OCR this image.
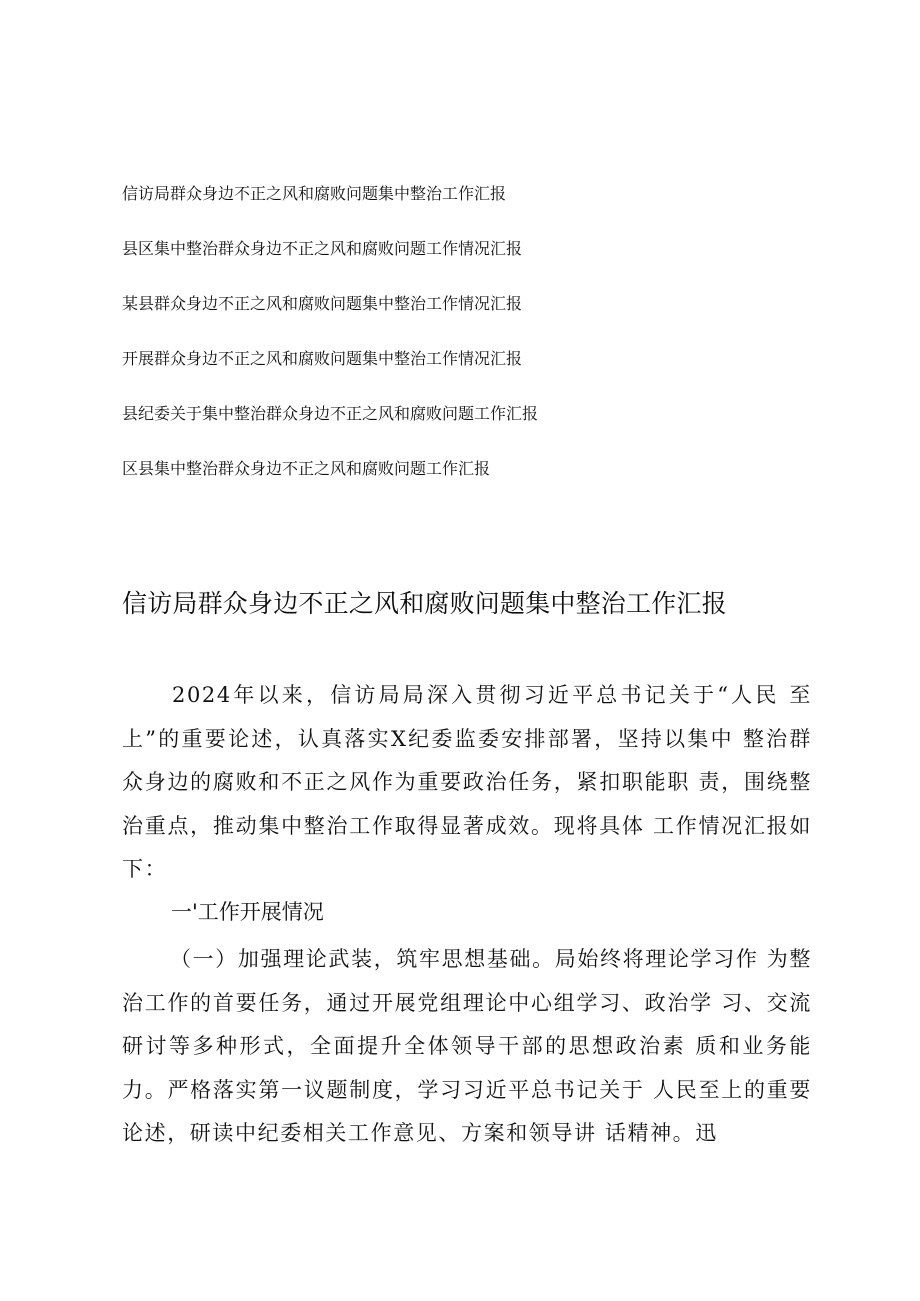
信访局群众身边不正之风和腐败问题集中整治工作汇报
县区集中整治群众身边不正之风和腐败问题工作情况汇报
某县群众身边不正之风和腐败问题集中整治工作情况汇报
开展群众身边不正之风和腐败问题集中整治工作情况汇报
县纪委关于集中整治群众身边不正之风和腐败问题工作汇报
区县集中整治群众身边不正之风和腐败问题工作汇报
信访局群众身边不正之风和腐败问题集中整治工作汇报
2024年以来，信访局局深入贯彻习近平总书记关于“人民 至上”的重要论述，认真落实X纪委监委安排部署，坚持以集中 整治群众身边的腐败和不正之风作为重要政治任务，紧扣职能职 责，围绕整治重点，推动集中整治工作取得显著成效。现将具体 工作情况汇报如下：
一'工作开展情况
（一）加强理论武装，筑牢思想基础。局始终将理论学习作 为整治工作的首要任务，通过开展党组理论中心组学习、政治学 习、交流研讨等多种形式，全面提升全体领导干部的思想政治素 质和业务能力。严格落实第一议题制度，学习习近平总书记关于 人民至上的重要论述，研读中纪委相关工作意见、方案和领导讲 话精神。迅
